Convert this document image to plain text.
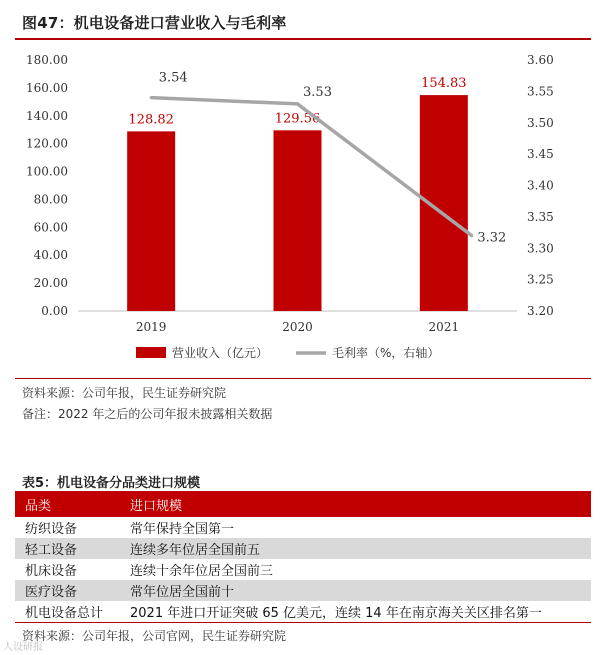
图47：机电设备进口营业收入与毛利率
0.00
20.00
40.00
60.00
80.00
100.00
120.00
140.00
160.00
180.00
3.20
3.25
3.30
3.35
3.40
3.45
3.50
3.55
3.60
128.82	129.56
154.83
2019	2020	2021
3.54
3.53
3.32
营业收入（亿元）	毛利率（%，右轴）
资料来源：公司年报，民生证券研究院
备注：2022 年之后的公司年报未披露相关数据
表5：机电设备分品类进口规模
品类	进口规模
纺织设备	常年保持全国第一
轻工设备	连续多年位居全国前五
机床设备	连续十余年位居全国前三
医疗设备	常年位居全国前十
机电设备总计	2021 年进口开证突破 65 亿美元，连续 14 年在南京海关关区排名第一
资料来源：公司年报，公司官网，民生证券研究院
人设研报
